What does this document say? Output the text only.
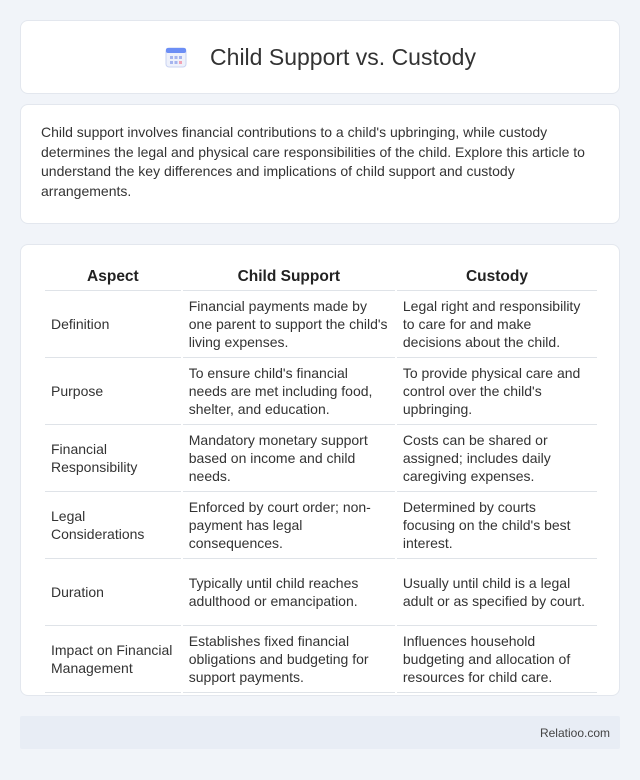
Child Support vs. Custody

Child support involves financial contributions to a child's upbringing, while custody determines the legal and physical care responsibilities of the child. Explore this article to understand the key differences and implications of child support and custody arrangements.

Aspect	Child Support	Custody
Definition	Financial payments made by one parent to support the child's living expenses.	Legal right and responsibility to care for and make decisions about the child.
Purpose	To ensure child's financial needs are met including food, shelter, and education.	To provide physical care and control over the child's upbringing.
Financial Responsibility	Mandatory monetary support based on income and child needs.	Costs can be shared or assigned; includes daily caregiving expenses.
Legal Considerations	Enforced by court order; non-payment has legal consequences.	Determined by courts focusing on the child's best interest.
Duration	Typically until child reaches adulthood or emancipation.	Usually until child is a legal adult or as specified by court.
Impact on Financial Management	Establishes fixed financial obligations and budgeting for support payments.	Influences household budgeting and allocation of resources for child care.
Relatioo.com
